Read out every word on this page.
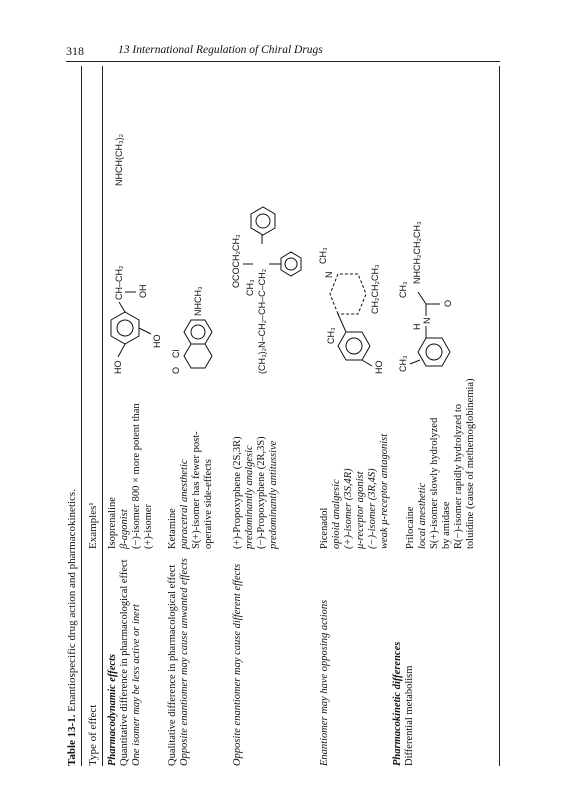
318	13 International Regulation of Chiral Drugs
Table 13-1. Enantiospecific drug action and pharmacokinetics.
Type of effect
Examples¹
Pharmacodynamic effects Quantitative difference in pharmacological effect One isomer may be less active or inert
Isoprenaline β-agonist (−)-isomer 800 × more potent than (+)-isomer
HO
HO
CH–CH₂ OH
NHCH(CH₃)₂
Qualitative difference in pharmacological effect Opposite enantiomer may cause unwanted effects
Ketamine paracetral anesthetic S(+)-isomer has fewer post- operative side-effects
O
Cl
NHCH₃
Opposite enantiomer may cause different effects
(+)-Propoxyphene (2S,3R) predominantly analgesic (−)-Propoxyphene (2R,3S) predominantly antitussive
OCOCH₂CH₃ CH₃ (CH₃)₂N–CH₂–CH–C–CH₂
Enantiomer may have opposing actions
Picenadol opioid analgesic (+)-isomer (3S,4R) μ-receptor agonist (−)-isomer (3R,4S) weak μ-receptor antagonist
HO
CH₃
N
CH₃
CH₂CH₂CH₃
Pharmacokinetic differences Differential metabolism
Prilocaine local anesthetic S(+)-isomer slowly hydrolyzed by amidase R(−)-isomer rapidly hydrolyzed to toluidine (cause of methemoglobinemia)
CH₃
H
N
O
CH₃
NHCH₂CH₂CH₃
